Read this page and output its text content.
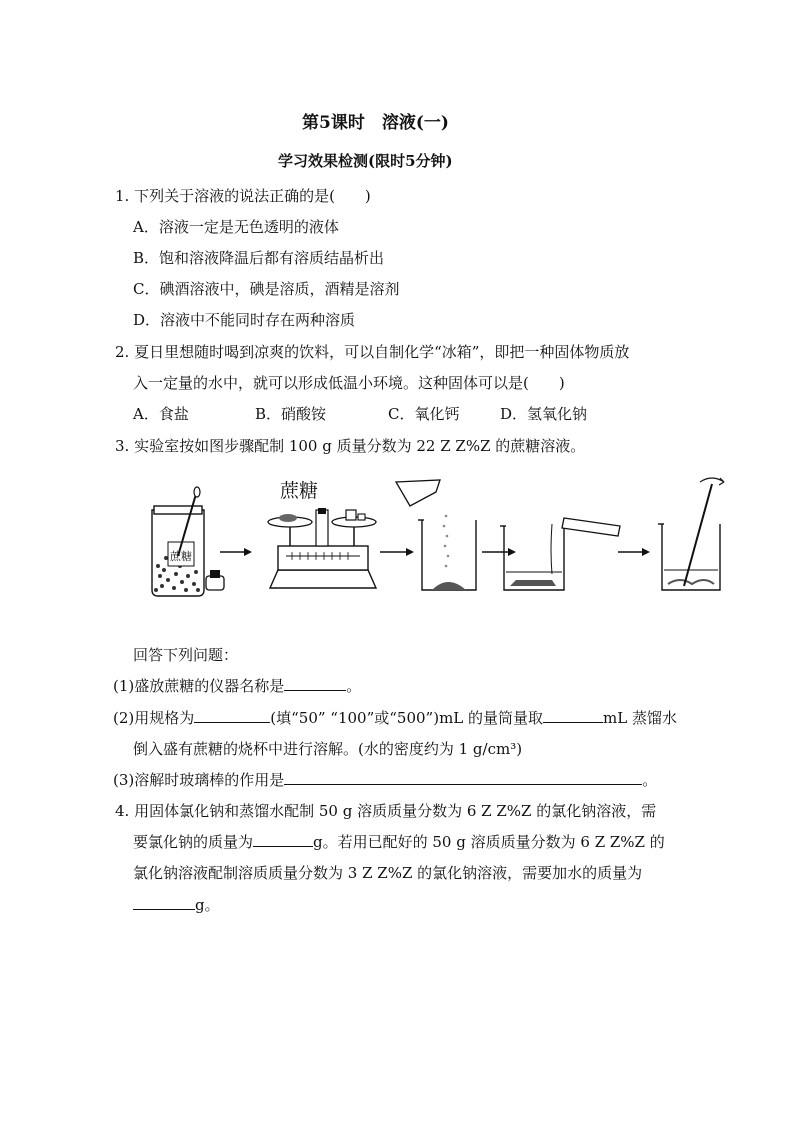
第5课时　溶液(一)
学习效果检测(限时5分钟)
1. 下列关于溶液的说法正确的是(　　)
A．溶液一定是无色透明的液体
B．饱和溶液降温后都有溶质结晶析出
C．碘酒溶液中，碘是溶质，酒精是溶剂
D．溶液中不能同时存在两种溶质
2. 夏日里想随时喝到凉爽的饮料，可以自制化学“冰箱”，即把一种固体物质放
入一定量的水中，就可以形成低温小环境。这种固体可以是(　　)
A．食盐	B．硝酸铵	C．氧化钙	D．氢氧化钠
3. 实验室按如图步骤配制 100 g 质量分数为 22 Z Z%Z 的蔗糖溶液。
蔗糖
蔗糖
回答下列问题：
(1)盛放蔗糖的仪器名称是	。
(2)用规格为	(填“50” “100”或“500”)mL 的量筒量取	mL 蒸馏水
倒入盛有蔗糖的烧杯中进行溶解。(水的密度约为 1 g/cm³)
(3)溶解时玻璃棒的作用是	。
4. 用固体氯化钠和蒸馏水配制 50 g 溶质质量分数为 6 Z Z%Z 的氯化钠溶液，需
要氯化钠的质量为	g。若用已配好的 50 g 溶质质量分数为 6 Z Z%Z 的
氯化钠溶液配制溶质质量分数为 3 Z Z%Z 的氯化钠溶液，需要加水的质量为
g。
